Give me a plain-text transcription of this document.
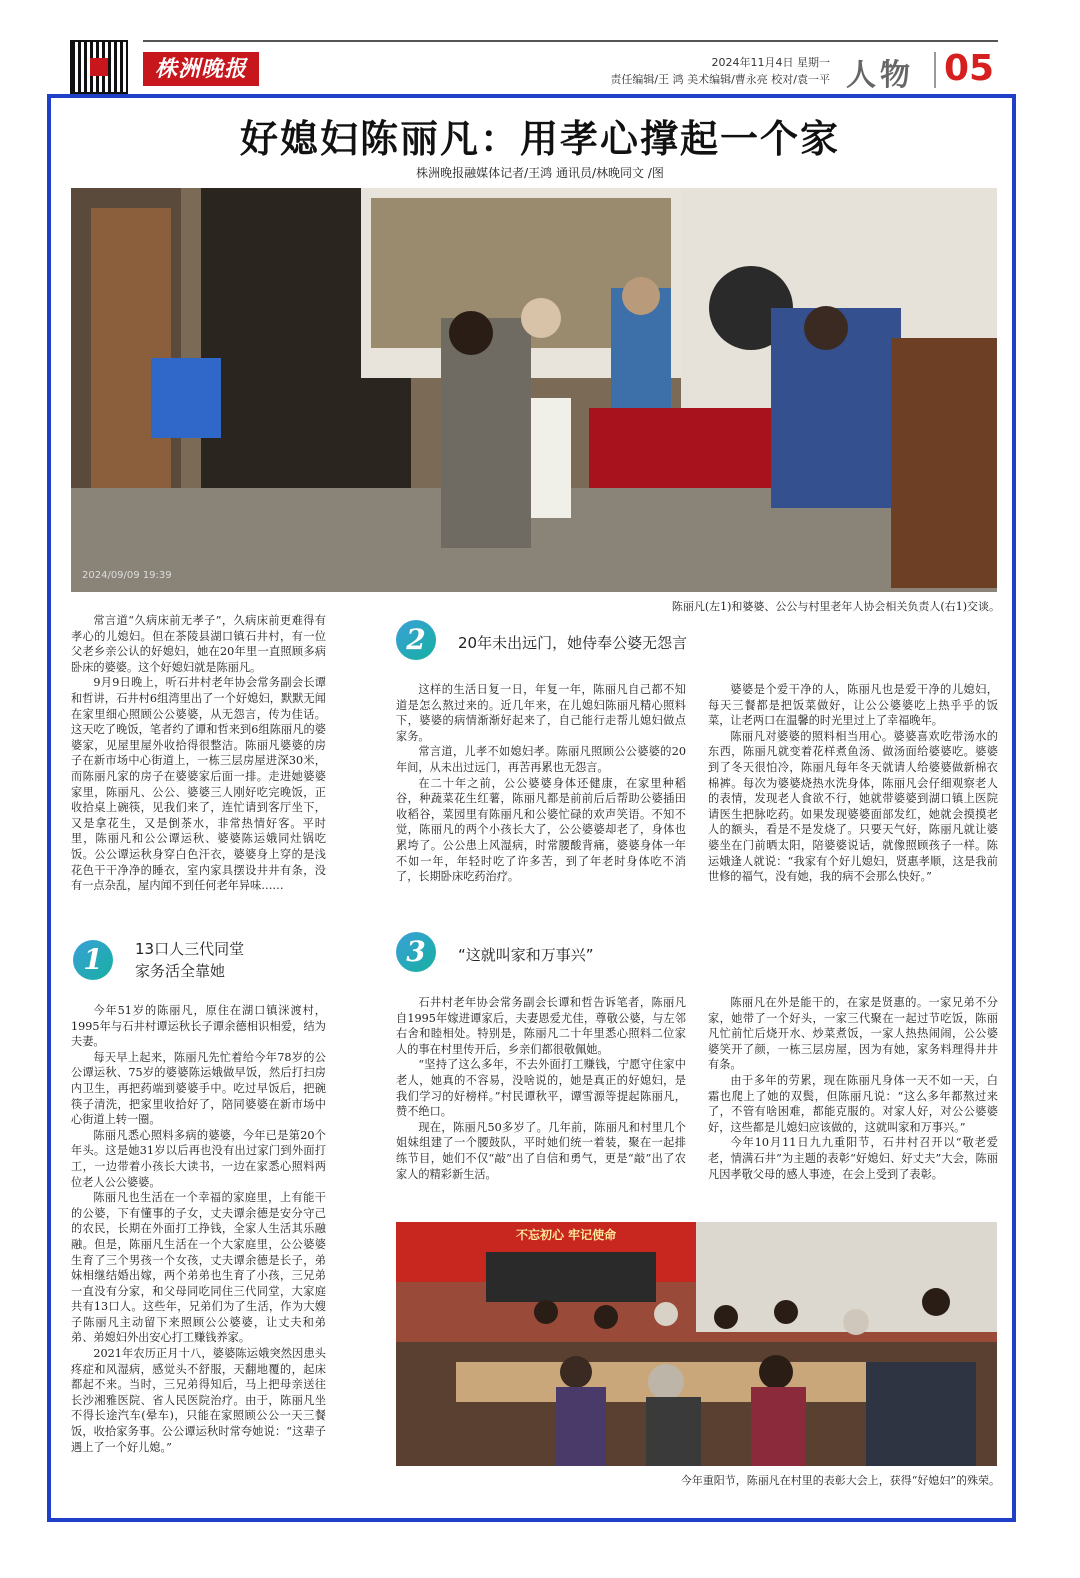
株洲晚报	2024年11月4日 星期一
责任编辑/王 鸿 美术编辑/曹永亮 校对/袁一平 人物 05
好媳妇陈丽凡：用孝心撑起一个家
株洲晚报融媒体记者/王鸿 通讯员/林晚同文 /图
2024/09/09 19:39
陈丽凡(左1)和婆婆、公公与村里老年人协会相关负责人(右1)交谈。

常言道“久病床前无孝子”，久病床前更难得有孝心的儿媳妇。但在茶陵县湖口镇石井村，有一位父老乡亲公认的好媳妇，她在20年里一直照顾多病卧床的婆婆。这个好媳妇就是陈丽凡。

9月9日晚上，听石井村老年协会常务副会长谭和哲讲，石井村6组湾里出了一个好媳妇，默默无闻在家里细心照顾公公婆婆，从无怨言，传为佳话。这天吃了晚饭，笔者约了谭和哲来到6组陈丽凡的婆婆家，见屋里屋外收拾得很整洁。陈丽凡婆婆的房子在新市场中心街道上，一栋三层房屋进深30米，而陈丽凡家的房子在婆婆家后面一排。走进她婆婆家里，陈丽凡、公公、婆婆三人刚好吃完晚饭，正收拾桌上碗筷，见我们来了，连忙请到客厅坐下，又是拿花生，又是倒茶水，非常热情好客。平时里，陈丽凡和公公谭运秋、婆婆陈运娥同灶锅吃饭。公公谭运秋身穿白色汗衣，婆婆身上穿的是浅花色干干净净的睡衣，室内家具摆设井井有条，没有一点杂乱，屋内闻不到任何老年异味……

1	13口人三代同堂
家务活全靠她

今年51岁的陈丽凡，原住在湖口镇洣渡村，1995年与石井村谭运秋长子谭余德相识相爱，结为夫妻。

每天早上起来，陈丽凡先忙着给今年78岁的公公谭运秋、75岁的婆婆陈运娥做早饭，然后打扫房内卫生，再把药端到婆婆手中。吃过早饭后，把碗筷子清洗，把家里收拾好了，陪同婆婆在新市场中心街道上转一圈。

陈丽凡悉心照料多病的婆婆，今年已是第20个年头。这是她31岁以后再也没有出过家门到外面打工，一边带着小孩长大读书，一边在家悉心照料两位老人公公婆婆。

陈丽凡也生活在一个幸福的家庭里，上有能干的公婆，下有懂事的子女，丈夫谭余德是安分守己的农民，长期在外面打工挣钱，全家人生活其乐融融。但是，陈丽凡生活在一个大家庭里，公公婆婆生育了三个男孩一个女孩，丈夫谭余德是长子，弟妹相继结婚出嫁，两个弟弟也生育了小孩，三兄弟一直没有分家，和父母同吃同住三代同堂，大家庭共有13口人。这些年，兄弟们为了生活，作为大嫂子陈丽凡主动留下来照顾公公婆婆，让丈夫和弟弟、弟媳妇外出安心打工赚钱养家。

2021年农历正月十八，婆婆陈运娥突然因患头疼症和风湿病，感觉头不舒服，天翻地覆的，起床都起不来。当时，三兄弟得知后，马上把母亲送往长沙湘雅医院、省人民医院治疗。由于，陈丽凡坐不得长途汽车(晕车)，只能在家照顾公公一天三餐饭，收拾家务事。公公谭运秋时常夸她说：“这辈子遇上了一个好儿媳。”

2	20年未出远门，她侍奉公婆无怨言

这样的生活日复一日，年复一年，陈丽凡自己都不知道是怎么熬过来的。近几年来，在儿媳妇陈丽凡精心照料下，婆婆的病情渐渐好起来了，自己能行走帮儿媳妇做点家务。

常言道，儿孝不如媳妇孝。陈丽凡照顾公公婆婆的20年间，从未出过远门，再苦再累也无怨言。

在二十年之前，公公婆婆身体还健康，在家里种稻谷，种蔬菜花生红薯，陈丽凡都是前前后后帮助公婆插田收稻谷，菜园里有陈丽凡和公婆忙碌的欢声笑语。不知不觉，陈丽凡的两个小孩长大了，公公婆婆却老了，身体也累垮了。公公患上风湿病，时常腰酸背痛，婆婆身体一年不如一年，年轻时吃了许多苦，到了年老时身体吃不消了，长期卧床吃药治疗。

婆婆是个爱干净的人，陈丽凡也是爱干净的儿媳妇，每天三餐都是把饭菜做好，让公公婆婆吃上热乎乎的饭菜，让老两口在温馨的时光里过上了幸福晚年。

陈丽凡对婆婆的照料相当用心。婆婆喜欢吃带汤水的东西，陈丽凡就变着花样煮鱼汤、做汤面给婆婆吃。婆婆到了冬天很怕冷，陈丽凡每年冬天就请人给婆婆做新棉衣棉裤。每次为婆婆烧热水洗身体，陈丽凡会仔细观察老人的表情，发现老人食欲不行，她就带婆婆到湖口镇上医院请医生把脉吃药。如果发现婆婆面部发红，她就会摸摸老人的额头，看是不是发烧了。只要天气好，陈丽凡就让婆婆坐在门前晒太阳，陪婆婆说话，就像照顾孩子一样。陈运娥逢人就说：“我家有个好儿媳妇，贤惠孝顺，这是我前世修的福气，没有她，我的病不会那么快好。”

3	“这就叫家和万事兴”

石井村老年协会常务副会长谭和哲告诉笔者，陈丽凡自1995年嫁进谭家后，夫妻恩爱尤佳，尊敬公婆，与左邻右舍和睦相处。特别是，陈丽凡二十年里悉心照料二位家人的事在村里传开后，乡亲们都很敬佩她。

“坚持了这么多年，不去外面打工赚钱，宁愿守住家中老人，她真的不容易，没啥说的，她是真正的好媳妇，是我们学习的好榜样。”村民谭秋平，谭雪源等提起陈丽凡，赞不绝口。

现在，陈丽凡50多岁了。几年前，陈丽凡和村里几个姐妹组建了一个腰鼓队，平时她们统一着装，聚在一起排练节目，她们不仅“敲”出了自信和勇气，更是“敲”出了农家人的精彩新生活。

陈丽凡在外是能干的，在家是贤惠的。一家兄弟不分家，她带了一个好头，一家三代聚在一起过节吃饭，陈丽凡忙前忙后烧开水、炒菜煮饭，一家人热热闹闹，公公婆婆笑开了颜，一栋三层房屋，因为有她，家务料理得井井有条。

由于多年的劳累，现在陈丽凡身体一天不如一天，白霜也爬上了她的双鬓，但陈丽凡说：“这么多年都熬过来了，不管有啥困难，都能克服的。对家人好，对公公婆婆好，这些都是儿媳妇应该做的，这就叫家和万事兴。”

今年10月11日九九重阳节，石井村召开以“敬老爱老，情满石井”为主题的表彰“好媳妇、好丈夫”大会，陈丽凡因孝敬父母的感人事迹，在会上受到了表彰。

不忘初心 牢记使命
今年重阳节，陈丽凡在村里的表彰大会上，获得“好媳妇”的殊荣。
